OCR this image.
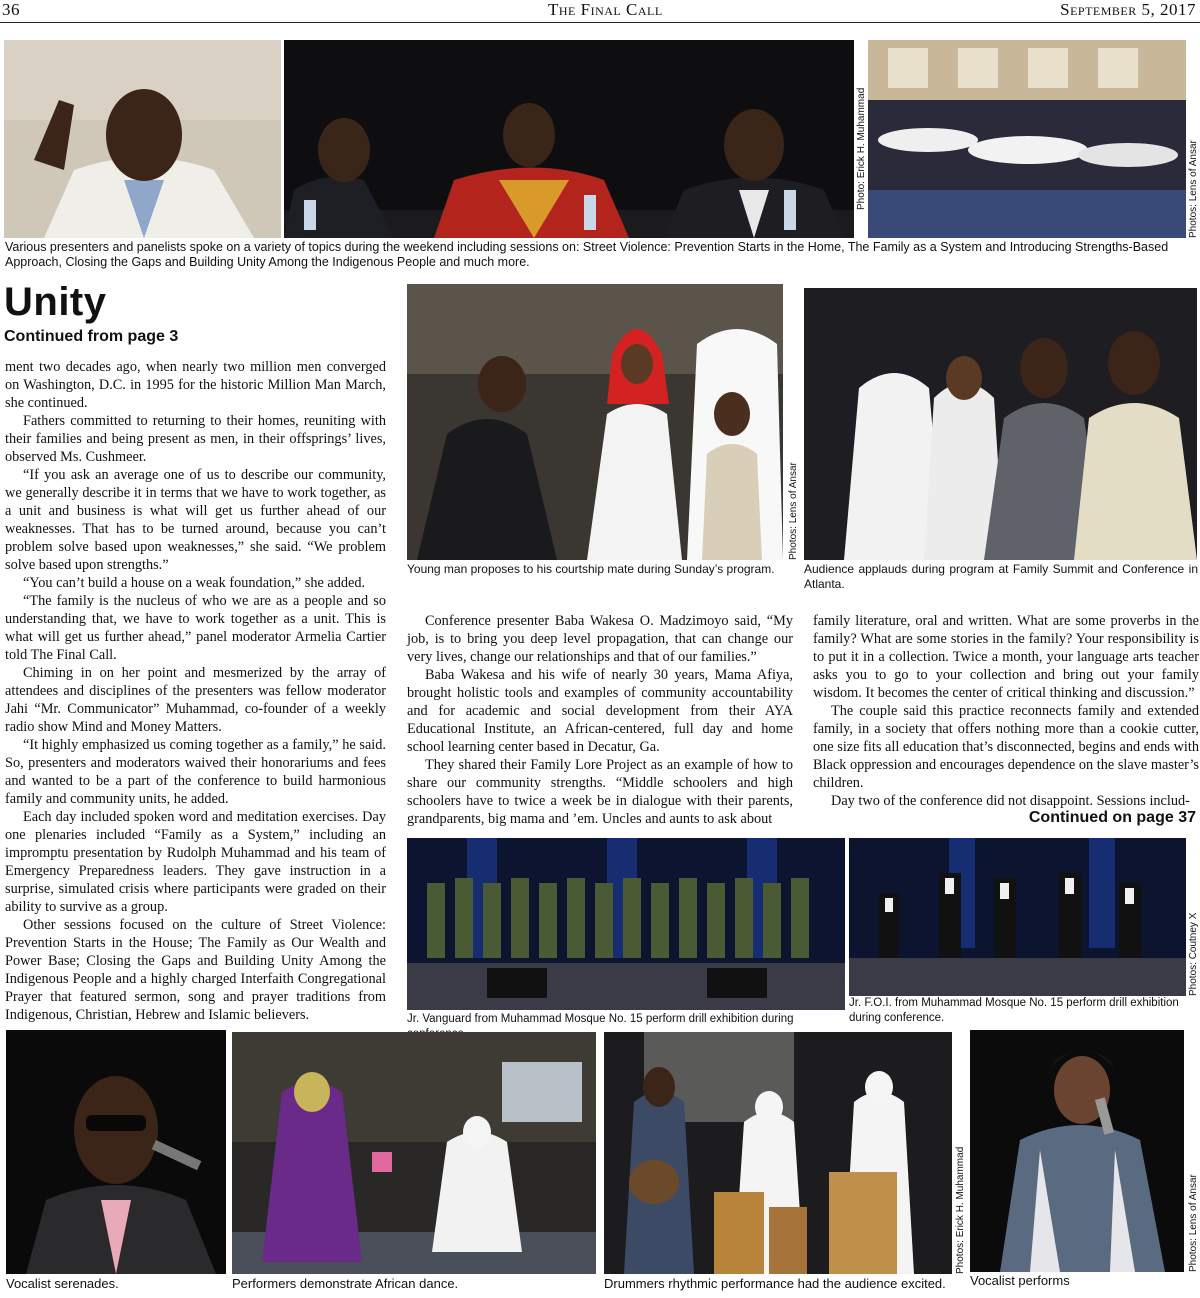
36	The Final Call	September 5, 2017
Photo: Erick H. Muhammad	Photos: Lens of Ansar
Various presenters and panelists spoke on a variety of topics during the weekend including sessions on: Street Violence: Prevention Starts in the Home, The Family as a System and Introducing Strengths-Based Approach, Closing the Gaps and Building Unity Among the Indigenous People and much more.
Unity
Continued from page 3

ment two decades ago, when nearly two million men converged on Washington, D.C. in 1995 for the historic Million Man March, she continued.

Fathers committed to returning to their homes, reuniting with their families and being present as men, in their offsprings’ lives, observed Ms. Cushmeer.

“If you ask an average one of us to describe our community, we generally describe it in terms that we have to work together, as a unit and business is what will get us further ahead of our weaknesses. That has to be turned around, because you can’t problem solve based upon weaknesses,” she said. “We problem solve based upon strengths.”

“You can’t build a house on a weak foundation,” she added.

“The family is the nucleus of who we are as a people and so understanding that, we have to work together as a unit. This is what will get us further ahead,” panel moderator Armelia Cartier told The Final Call.

Chiming in on her point and mesmerized by the array of attendees and disciplines of the presenters was fellow moderator Jahi “Mr. Communicator” Muhammad, co-founder of a weekly radio show Mind and Money Matters.

“It highly emphasized us coming together as a family,” he said. So, presenters and moderators waived their honorariums and fees and wanted to be a part of the conference to build harmonious family and community units, he added.

Each day included spoken word and meditation exercises. Day one plenaries included “Family as a System,” including an impromptu presentation by Rudolph Muhammad and his team of Emergency Preparedness leaders. They gave instruction in a surprise, simulated crisis where participants were graded on their ability to survive as a group.

Other sessions focused on the culture of Street Violence: Prevention Starts in the House; The Family as Our Wealth and Power Base; Closing the Gaps and Building Unity Among the Indigenous People and a highly charged Interfaith Congregational Prayer that featured sermon, song and prayer traditions from Indigenous, Christian, Hebrew and Islamic believers.

Photos: Lens of Ansar
Young man proposes to his courtship mate during Sunday’s program.	Audience applauds during program at Family Summit and Conference in Atlanta.

Conference presenter Baba Wakesa O. Madzimoyo said, “My job, is to bring you deep level propagation, that can change our very lives, change our relationships and that of our families.”

Baba Wakesa and his wife of nearly 30 years, Mama Afiya, brought holistic tools and examples of community accountability and for academic and social development from their AYA Educational Institute, an African-centered, full day and home school learning center based in Decatur, Ga.

They shared their Family Lore Project as an example of how to share our community strengths. “Middle schoolers and high schoolers have to twice a week be in dialogue with their parents, grandparents, big mama and ’em. Uncles and aunts to ask about

family literature, oral and written. What are some proverbs in the family? What are some stories in the family? Your responsibility is to put it in a collection. Twice a month, your language arts teacher asks you to go to your collection and bring out your family wisdom. It becomes the center of critical thinking and discussion.”

The couple said this practice reconnects family and extended family, in a society that offers nothing more than a cookie cutter, one size fits all education that’s disconnected, begins and ends with Black oppression and encourages dependence on the slave master’s children.

Day two of the conference did not disappoint. Sessions includ-

Continued on page 37
Jr. Vanguard from Muhammad Mosque No. 15 perform drill exhibition during
Photos: Coutney X
Jr. F.O.I. from Muhammad Mosque No. 15 perform drill exhibition during conference.
Vocalist serenades.	Performers demonstrate African dance.	Drummers rhythmic performance had the audience excited.
Photos: Erick H. Muhammad
Vocalist performs
Photos: Lens of Ansar
